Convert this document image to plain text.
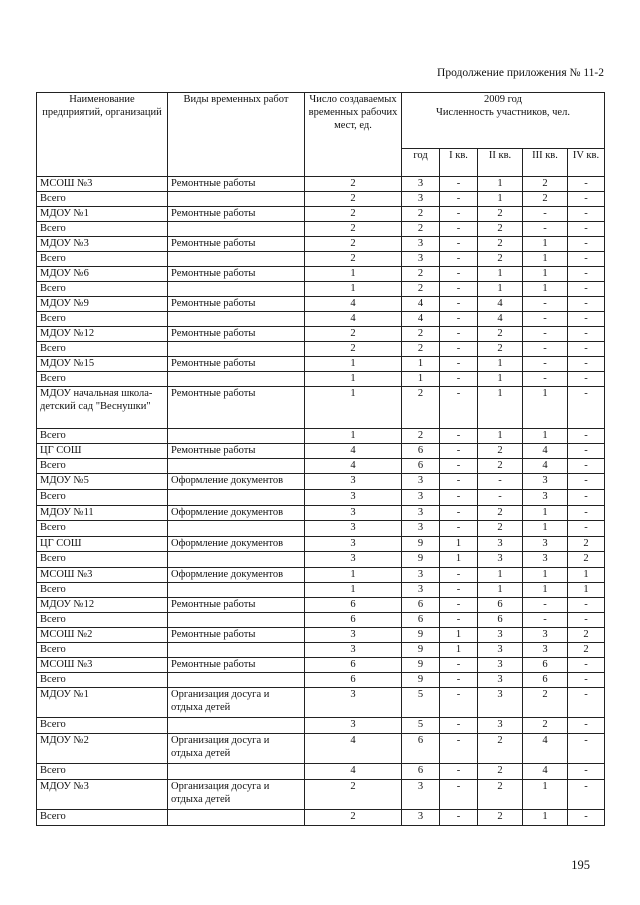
Продолжение приложения № 11-2
Наименование предприятий, организаций	Виды временных работ	Число создаваемых временных рабочих мест, ед.	2009 год
Численность участников, чел.				

			год	I кв.	II кв.	III кв.	IV кв.
МСОШ №3	Ремонтные работы	2	3	-	1	2	-
Всего		2	3	-	1	2	-
МДОУ №1	Ремонтные работы	2	2	-	2	-	-
Всего		2	2	-	2	-	-
МДОУ №3	Ремонтные работы	2	3	-	2	1	-
Всего		2	3	-	2	1	-
МДОУ №6	Ремонтные работы	1	2	-	1	1	-
Всего		1	2	-	1	1	-
МДОУ №9	Ремонтные работы	4	4	-	4	-	-
Всего		4	4	-	4	-	-
МДОУ №12	Ремонтные работы	2	2	-	2	-	-
Всего		2	2	-	2	-	-
МДОУ №15	Ремонтные работы	1	1	-	1	-	-
Всего		1	1	-	1	-	-
МДОУ начальная школа-детский сад "Веснушки"	Ремонтные работы	1	2	-	1	1	-
Всего		1	2	-	1	1	-
ЦГ СОШ	Ремонтные работы	4	6	-	2	4	-
Всего		4	6	-	2	4	-
МДОУ №5	Оформление документов	3	3	-	-	3	-
Всего		3	3	-	-	3	-
МДОУ №11	Оформление документов	3	3	-	2	1	-
Всего		3	3	-	2	1	-
ЦГ СОШ	Оформление документов	3	9	1	3	3	2
Всего		3	9	1	3	3	2
МСОШ №3	Оформление документов	1	3	-	1	1	1
Всего		1	3	-	1	1	1
МДОУ №12	Ремонтные работы	6	6	-	6	-	-
Всего		6	6	-	6	-	-
МСОШ №2	Ремонтные работы	3	9	1	3	3	2
Всего		3	9	1	3	3	2
МСОШ №3	Ремонтные работы	6	9	-	3	6	-
Всего		6	9	-	3	6	-
МДОУ №1	Организация досуга и отдыха детей	3	5	-	3	2	-
Всего		3	5	-	3	2	-
МДОУ №2	Организация досуга и отдыха детей	4	6	-	2	4	-
Всего		4	6	-	2	4	-
МДОУ №3	Организация досуга и отдыха детей	2	3	-	2	1	-
Всего		2	3	-	2	1	-
195
